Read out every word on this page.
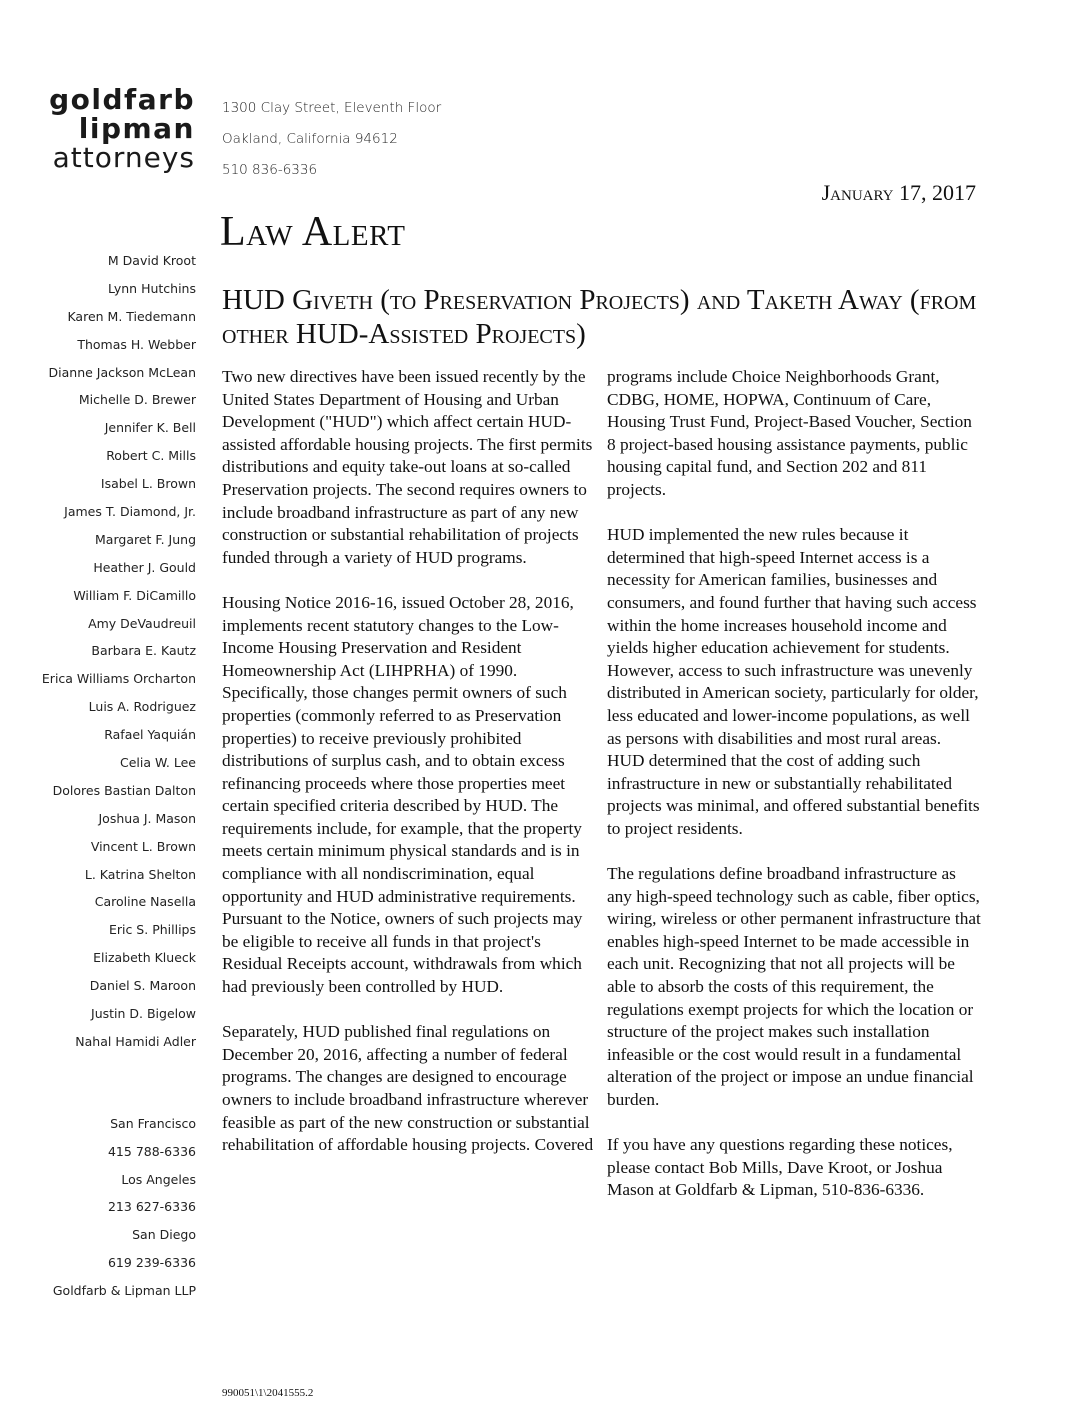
goldfarb
lipman
attorneys
1300 Clay Street, Eleventh Floor
Oakland, California 94612
510 836-6336
January 17, 2017
Law Alert
HUD Giveth (to Preservation Projects) and Taketh Away (from other HUD-Assisted Projects)
M David Kroot
Lynn Hutchins
Karen M. Tiedemann
Thomas H. Webber
Dianne Jackson McLean
Michelle D. Brewer
Jennifer K. Bell
Robert C. Mills
Isabel L. Brown
James T. Diamond, Jr.
Margaret F. Jung
Heather J. Gould
William F. DiCamillo
Amy DeVaudreuil
Barbara E. Kautz
Erica Williams Orcharton
Luis A. Rodriguez
Rafael Yaquián
Celia W. Lee
Dolores Bastian Dalton
Joshua J. Mason
Vincent L. Brown
L. Katrina Shelton
Caroline Nasella
Eric S. Phillips
Elizabeth Klueck
Daniel S. Maroon
Justin D. Bigelow
Nahal Hamidi Adler
San Francisco
415 788-6336
Los Angeles
213 627-6336
San Diego
619 239-6336
Goldfarb & Lipman LLP

Two new directives have been issued recently by the United States Department of Housing and Urban Development ("HUD") which affect certain HUD-assisted affordable housing projects. The first permits distributions and equity take-out loans at so-called Preservation projects. The second requires owners to include broadband infrastructure as part of any new construction or substantial rehabilitation of projects funded through a variety of HUD programs.

Housing Notice 2016-16, issued October 28, 2016, implements recent statutory changes to the Low-Income Housing Preservation and Resident Homeownership Act (LIHPRHA) of 1990. Specifically, those changes permit owners of such properties (commonly referred to as Preservation properties) to receive previously prohibited distributions of surplus cash, and to obtain excess refinancing proceeds where those properties meet certain specified criteria described by HUD. The requirements include, for example, that the property meets certain minimum physical standards and is in compliance with all nondiscrimination, equal opportunity and HUD administrative requirements. Pursuant to the Notice, owners of such projects may be eligible to receive all funds in that project's Residual Receipts account, withdrawals from which had previously been controlled by HUD.

Separately, HUD published final regulations on December 20, 2016, affecting a number of federal programs. The changes are designed to encourage owners to include broadband infrastructure wherever feasible as part of the new construction or substantial rehabilitation of affordable housing projects. Covered

programs include Choice Neighborhoods Grant, CDBG, HOME, HOPWA, Continuum of Care, Housing Trust Fund, Project-Based Voucher, Section 8 project-based housing assistance payments, public housing capital fund, and Section 202 and 811 projects.

HUD implemented the new rules because it determined that high-speed Internet access is a necessity for American families, businesses and consumers, and found further that having such access within the home increases household income and yields higher education achievement for students. However, access to such infrastructure was unevenly distributed in American society, particularly for older, less educated and lower-income populations, as well as persons with disabilities and most rural areas. HUD determined that the cost of adding such infrastructure in new or substantially rehabilitated projects was minimal, and offered substantial benefits to project residents.

The regulations define broadband infrastructure as any high-speed technology such as cable, fiber optics, wiring, wireless or other permanent infrastructure that enables high-speed Internet to be made accessible in each unit. Recognizing that not all projects will be able to absorb the costs of this requirement, the regulations exempt projects for which the location or structure of the project makes such installation infeasible or the cost would result in a fundamental alteration of the project or impose an undue financial burden.

If you have any questions regarding these notices, please contact Bob Mills, Dave Kroot, or Joshua Mason at Goldfarb & Lipman, 510-836-6336.

990051\1\2041555.2
